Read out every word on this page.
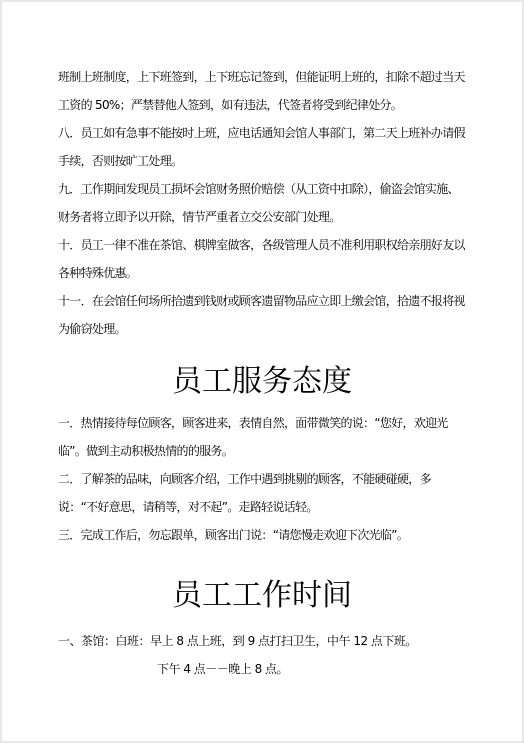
班制上班制度，上下班签到，上下班忘记签到，但能证明上班的，扣除不超过当天工资的 50%；严禁替他人签到，如有违法，代签者将受到纪律处分。

八．员工如有急事不能按时上班，应电话通知会馆人事部门，第二天上班补办请假手续，否则按旷工处理。

九．工作期间发现员工损坏会馆财务照价赔偿（从工资中扣除），偷盗会馆实施、财务者将立即予以开除，情节严重者立交公安部门处理。

十．员工一律不准在茶馆、棋牌室做客，各级管理人员不准利用职权给亲朋好友以各种特殊优惠。

十一．在会馆任何场所拾遗到钱财或顾客遗留物品应立即上缴会馆，拾遗不报将视为偷窃处理。

员工服务态度

一．热情接待每位顾客，顾客进来，表情自然，面带微笑的说：“您好，欢迎光临”。做到主动积极热情的的服务。

二．了解茶的品味，向顾客介绍，工作中遇到挑剔的顾客，不能硬碰硬，多说：“不好意思，请稍等，对不起”。走路轻说话轻。

三．完成工作后，勿忘跟单，顾客出门说：“请您慢走欢迎下次光临”。

员工工作时间

一、茶馆：白班：早上 8 点上班，到 9 点打扫卫生，中午 12 点下班。

下午 4 点－－晚上 8 点。
